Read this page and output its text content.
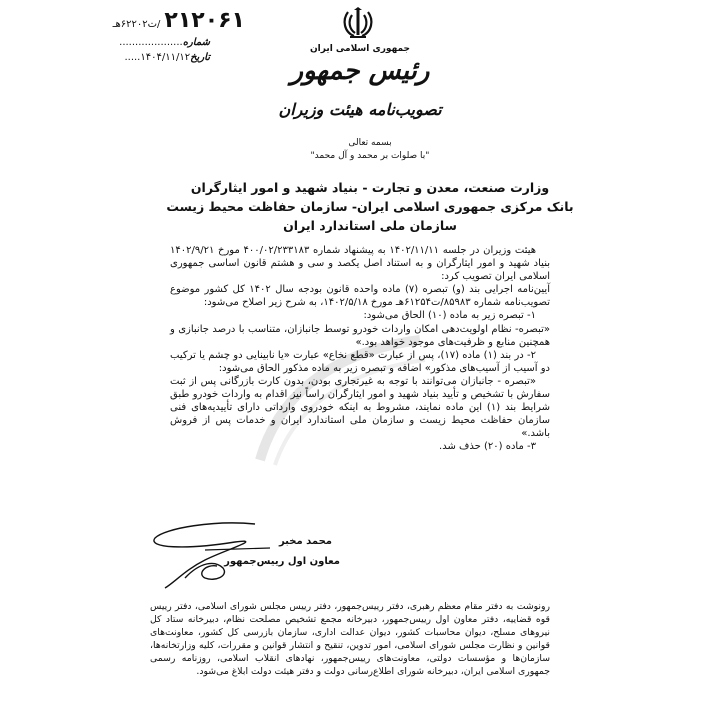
۲۱۲۰۶۱
/ت۶۲۲۰۲هـ
شماره
....................
تاریخ
۱۴۰۴/۱۱/۱۲.....
جمهوری اسلامی ایران
رئیس جمهور
تصویب‌نامه هیئت وزیران
بسمه تعالی
"با صلوات بر محمد و آل محمد"
وزارت صنعت، معدن و تجارت - بنیاد شهید و امور ایثارگران
بانک مرکزی جمهوری اسلامی ایران- سازمان حفاظت محیط زیست
سازمان ملی استاندارد ایران

هیئت وزیران در جلسه ۱۴۰۲/۱۱/۱۱ به پیشنهاد شماره ۴۰۰/۰۲/۲۳۳۱۸۳ مورخ ۱۴۰۲/۹/۲۱ بنیاد شهید و امور ایثارگران و به استناد اصل یکصد و سی و هشتم قانون اساسی جمهوری اسلامی ایران تصویب کرد:

آیین‌نامه اجرایی بند (و) تبصره (۷) ماده واحده قانون بودجه سال ۱۴۰۲ کل کشور موضوع تصویب‌نامه شماره ۸۵۹۸۳/ت۶۱۲۵۴هـ مورخ ۱۴۰۲/۵/۱۸، به شرح زیر اصلاح می‌شود:

۱- تبصره زیر به ماده (۱۰) الحاق می‌شود:

«تبصره- نظام اولویت‌دهی امکان واردات خودرو توسط جانبازان، متناسب با درصد جانبازی و همچنین منابع و ظرفیت‌های موجود خواهد بود.»

۲- در بند (۱) ماده (۱۷)، پس از عبارت «قطع نخاع» عبارت «یا نابینایی دو چشم یا ترکیب دو آسیب از آسیب‌های مذکور» اضافه و تبصره زیر به ماده مذکور الحاق می‌شود:

«تبصره - جانبازان می‌توانند با توجه به غیرتجاری بودن، بدون کارت بازرگانی پس از ثبت سفارش با تشخیص و تأیید بنیاد شهید و امور ایثارگران راساً نیز اقدام به واردات خودرو طبق شرایط بند (۱) این ماده نمایند، مشروط به اینکه خودروی وارداتی دارای تأییدیه‌های فنی سازمان حفاظت محیط زیست و سازمان ملی استاندارد ایران و خدمات پس از فروش باشد.»

۳- ماده (۲۰) حذف شد.

محمد مخبر
معاون اول رییس‌جمهور

رونوشت به دفتر مقام معظم رهبری، دفتر رییس‌جمهور، دفتر رییس مجلس شورای اسلامی، دفتر رییس قوه قضاییه، دفتر معاون اول رییس‌جمهور، دبیرخانه مجمع تشخیص مصلحت نظام، دبیرخانه ستاد کل نیروهای مسلح، دیوان محاسبات کشور، دیوان عدالت اداری، سازمان بازرسی کل کشور، معاونت‌های قوانین و نظارت مجلس شورای اسلامی، امور تدوین، تنقیح و انتشار قوانین و مقررات، کلیه وزارتخانه‌ها، سازمان‌ها و مؤسسات دولتی، معاونت‌های رییس‌جمهور، نهادهای انقلاب اسلامی، روزنامه رسمی جمهوری اسلامی ایران، دبیرخانه شورای اطلاع‌رسانی دولت و دفتر هیئت دولت ابلاغ می‌شود.
